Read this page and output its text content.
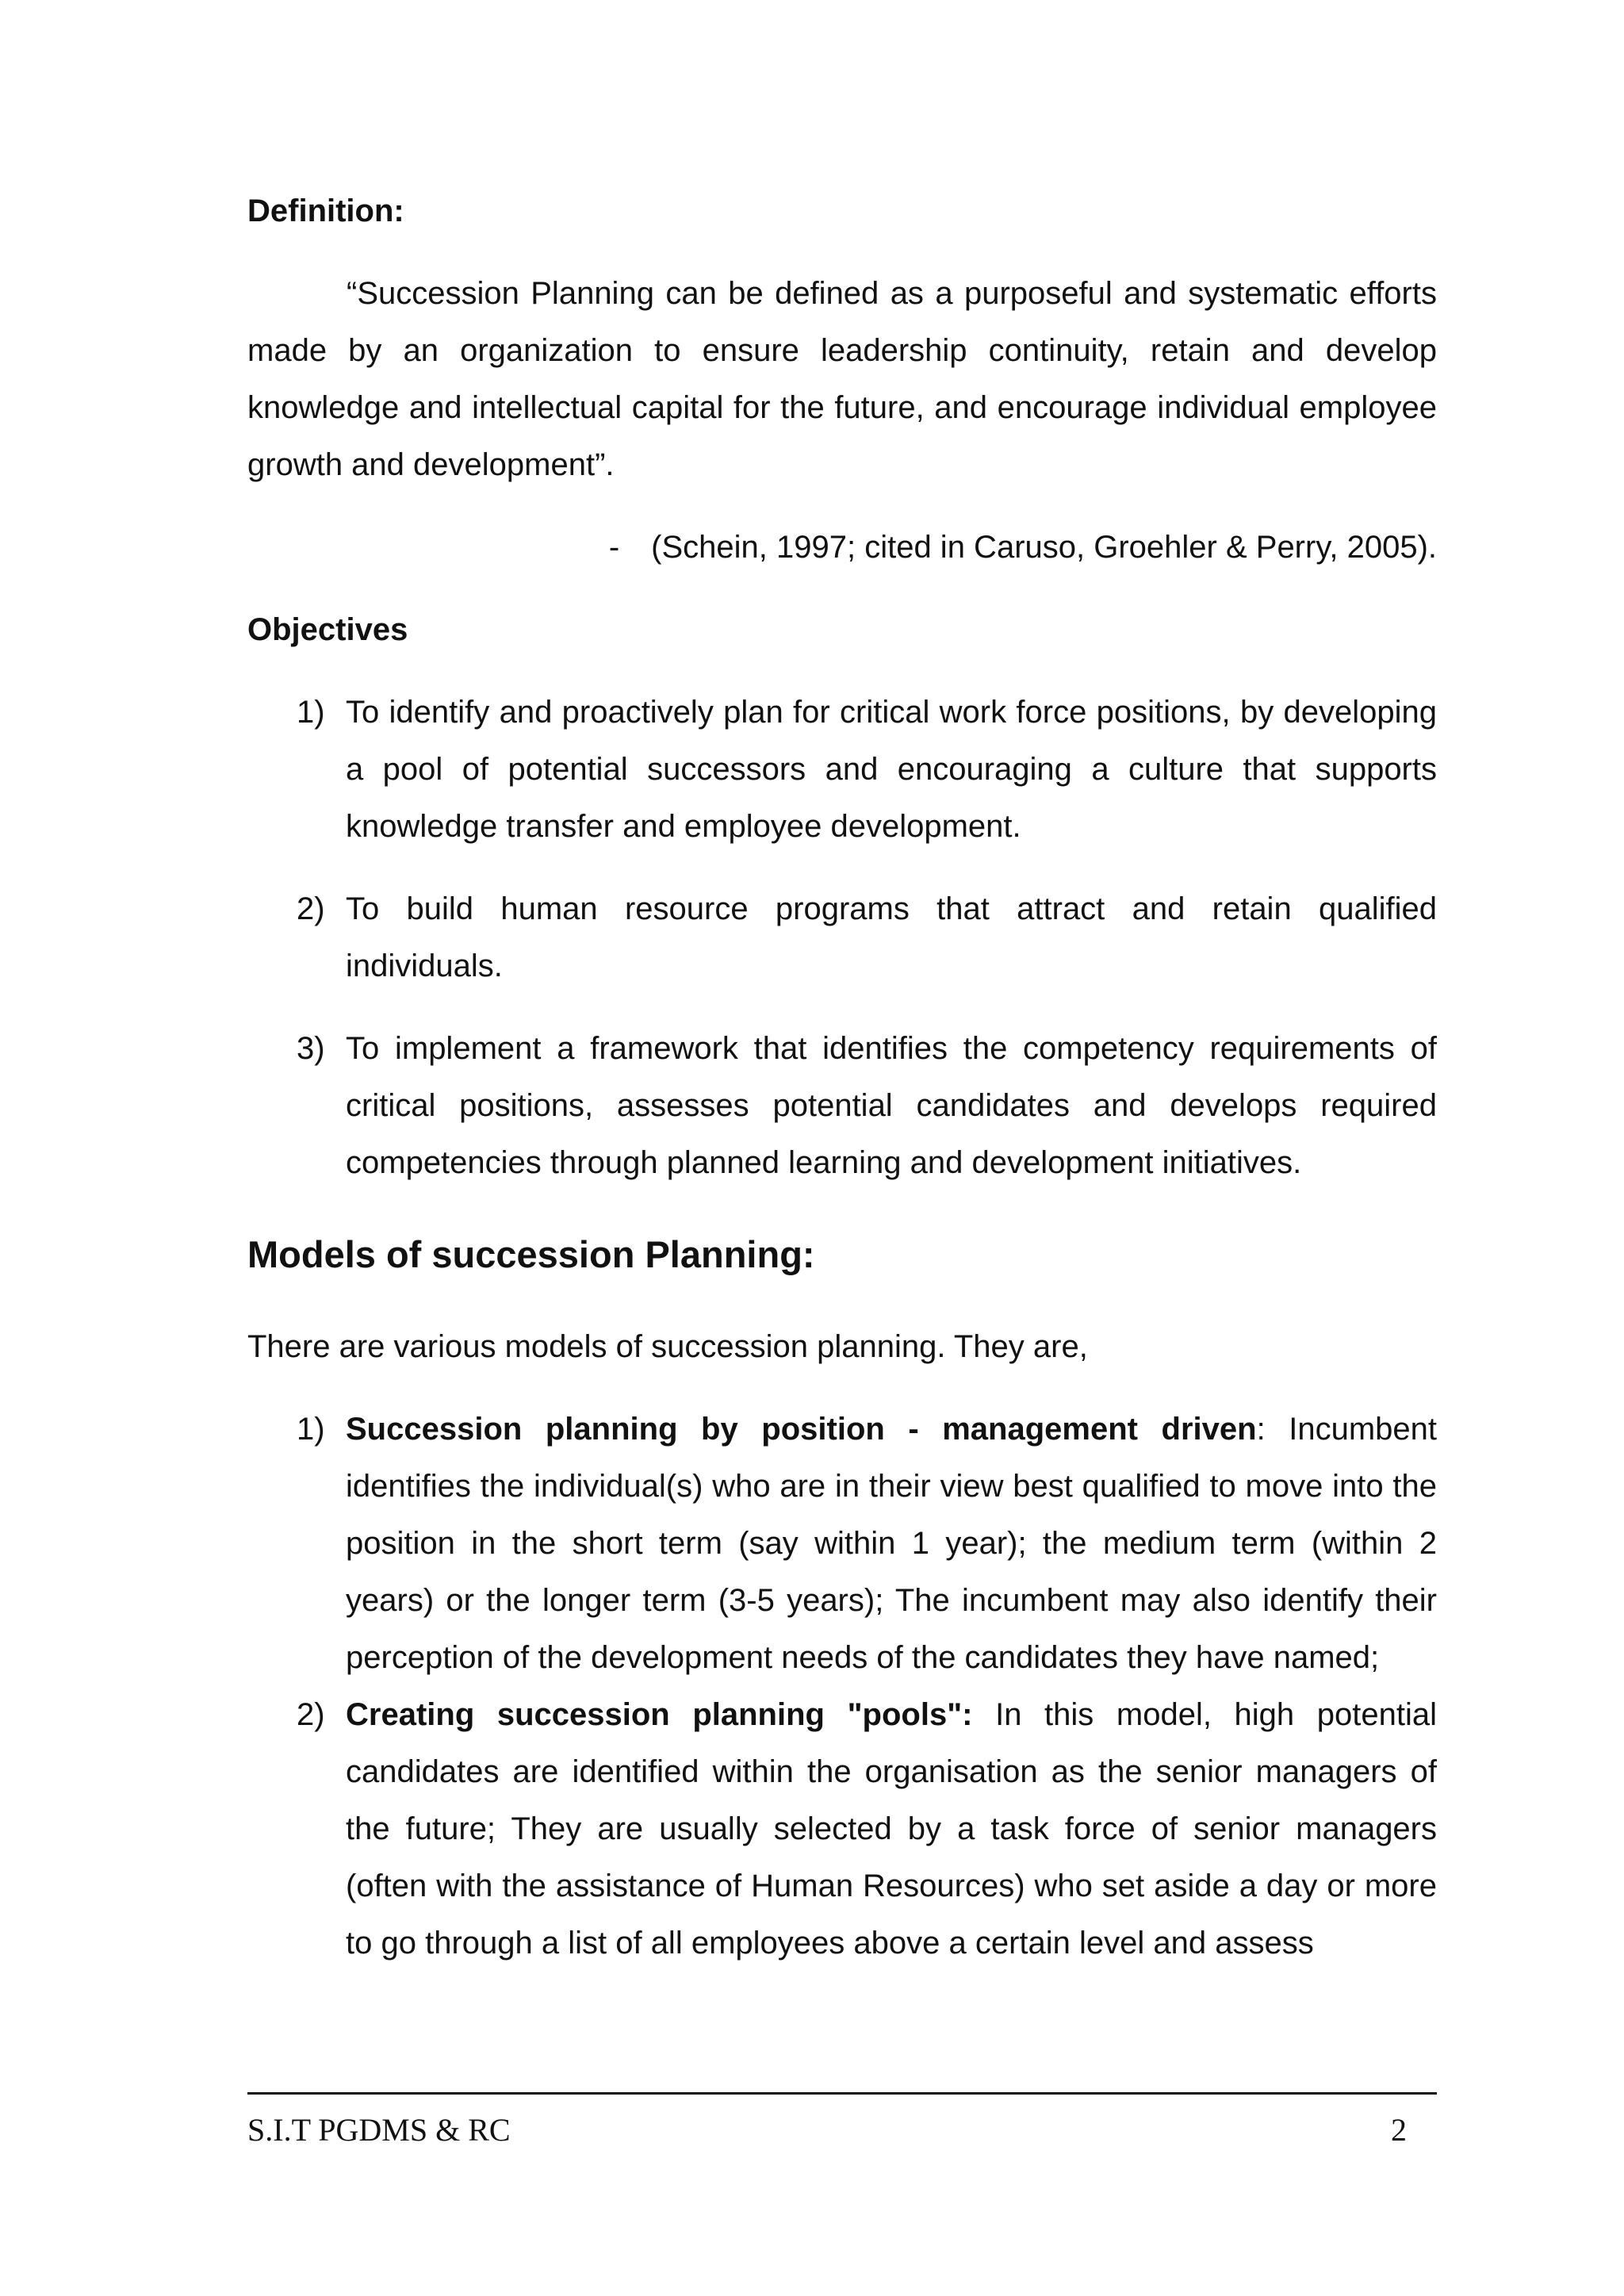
Definition:

“Succession Planning can be defined as a purposeful and systematic efforts made by an organization to ensure leadership continuity, retain and develop knowledge and intellectual capital for the future, and encourage individual employee growth and development”.

- (Schein, 1997; cited in Caruso, Groehler & Perry, 2005).

Objectives

1) To identify and proactively plan for critical work force positions, by developing a pool of potential successors and encouraging a culture that supports knowledge transfer and employee development.
2) To build human resource programs that attract and retain qualified individuals.
3) To implement a framework that identifies the competency requirements of critical positions, assesses potential candidates and develops required competencies through planned learning and development initiatives.

Models of succession Planning:

There are various models of succession planning. They are,

1) Succession planning by position - management driven: Incumbent identifies the individual(s) who are in their view best qualified to move into the position in the short term (say within 1 year); the medium term (within 2 years) or the longer term (3-5 years); The incumbent may also identify their perception of the development needs of the candidates they have named;
2) Creating succession planning "pools": In this model, high potential candidates are identified within the organisation as the senior managers of the future; They are usually selected by a task force of senior managers (often with the assistance of Human Resources) who set aside a day or more to go through a list of all employees above a certain level and assess
S.I.T PGDMS & RC	2
